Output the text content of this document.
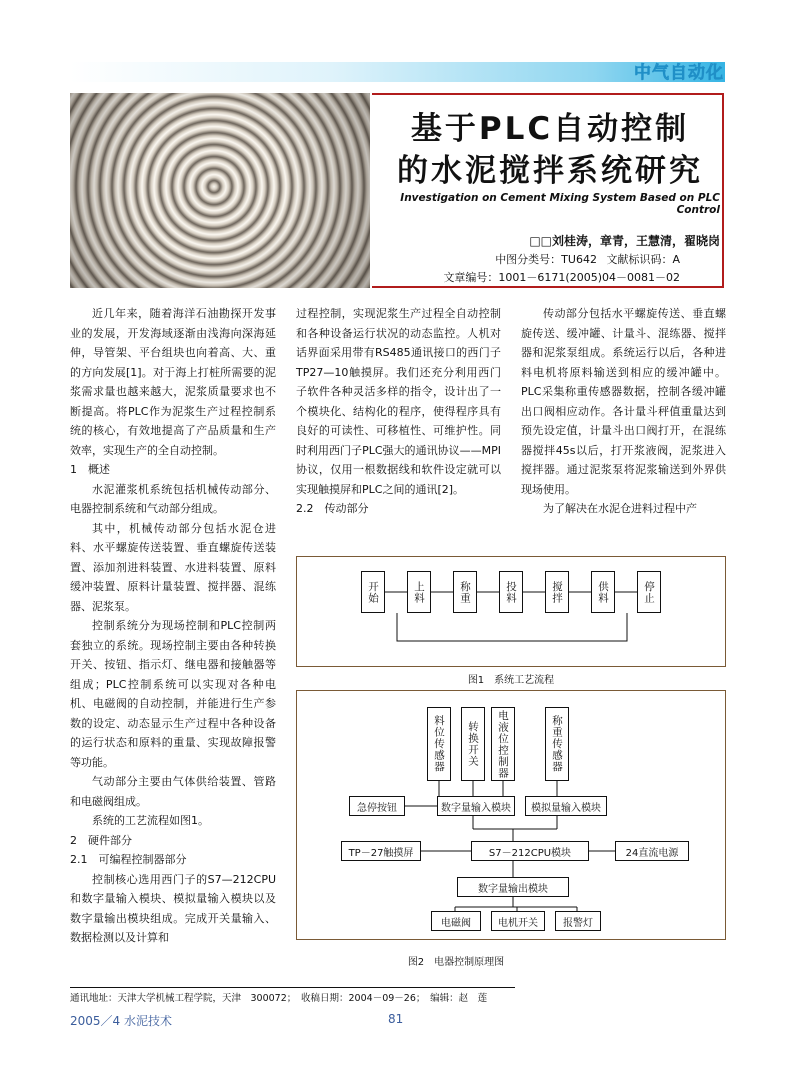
中气自动化
基于PLC自动控制
的水泥搅拌系统研究
Investigation on Cement Mixing System Based on PLC Control
□□刘桂涛，章青，王慧清，翟晓岗
中图分类号：TU642 文献标识码：A
文章编号：1001－6171(2005)04－0081－02

近几年来，随着海洋石油勘探开发事业的发展，开发海域逐渐由浅海向深海延伸，导管架、平台组块也向着高、大、重的方向发展[1]。对于海上打桩所需要的泥浆需求量也越来越大，泥浆质量要求也不断提高。将PLC作为泥浆生产过程控制系统的核心，有效地提高了产品质量和生产效率，实现生产的全自动控制。

1　概述

水泥灌浆机系统包括机械传动部分、电器控制系统和气动部分组成。

其中，机械传动部分包括水泥仓进料、水平螺旋传送装置、垂直螺旋传送装置、添加剂进料装置、水进料装置、原料缓冲装置、原料计量装置、搅拌器、混练器、泥浆泵。

控制系统分为现场控制和PLC控制两套独立的系统。现场控制主要由各种转换开关、按钮、指示灯、继电器和接触器等组成；PLC控制系统可以实现对各种电机、电磁阀的自动控制，并能进行生产参数的设定、动态显示生产过程中各种设备的运行状态和原料的重量、实现故障报警等功能。

气动部分主要由气体供给装置、管路和电磁阀组成。

系统的工艺流程如图1。

2　硬件部分

2.1　可编程控制器部分

控制核心选用西门子的S7—212CPU和数字量输入模块、模拟量输入模块以及数字量输出模块组成。完成开关量输入、数据检测以及计算和

过程控制，实现泥浆生产过程全自动控制和各种设备运行状况的动态监控。人机对话界面采用带有RS485通讯接口的西门子TP27—10触摸屏。我们还充分利用西门子软件各种灵活多样的指令，设计出了一个模块化、结构化的程序，使得程序具有良好的可读性、可移植性、可维护性。同时利用西门子PLC强大的通讯协议——MPI协议，仅用一根数据线和软件设定就可以实现触摸屏和PLC之间的通讯[2]。

2.2　传动部分

传动部分包括水平螺旋传送、垂直螺旋传送、缓冲罐、计量斗、混练器、搅拌器和泥浆泵组成。系统运行以后，各种进料电机将原料输送到相应的缓冲罐中。PLC采集称重传感器数据，控制各缓冲罐出口阀相应动作。各计量斗秤值重量达到预先设定值，计量斗出口阀打开，在混练器搅拌45s以后，打开浆液阀，泥浆进入搅拌器。通过泥浆泵将泥浆输送到外界供现场使用。

为了解决在水泥仓进料过程中产

开始	上料	称重	投料	搅拌	供料	停止
图1　系统工艺流程
料位传感器 转换开关 电液位控制器	称重传感器
急停按钮	数字量输入模块	模拟量输入模块
TP－27触摸屏	S7－212CPU模块	24直流电源
数字量输出模块
电磁阀	电机开关	报警灯
图2　电器控制原理图
通讯地址：天津大学机械工程学院，天津　300072；　收稿日期：2004－09－26；　编辑：赵　莲
2005／4 水泥技术	81
